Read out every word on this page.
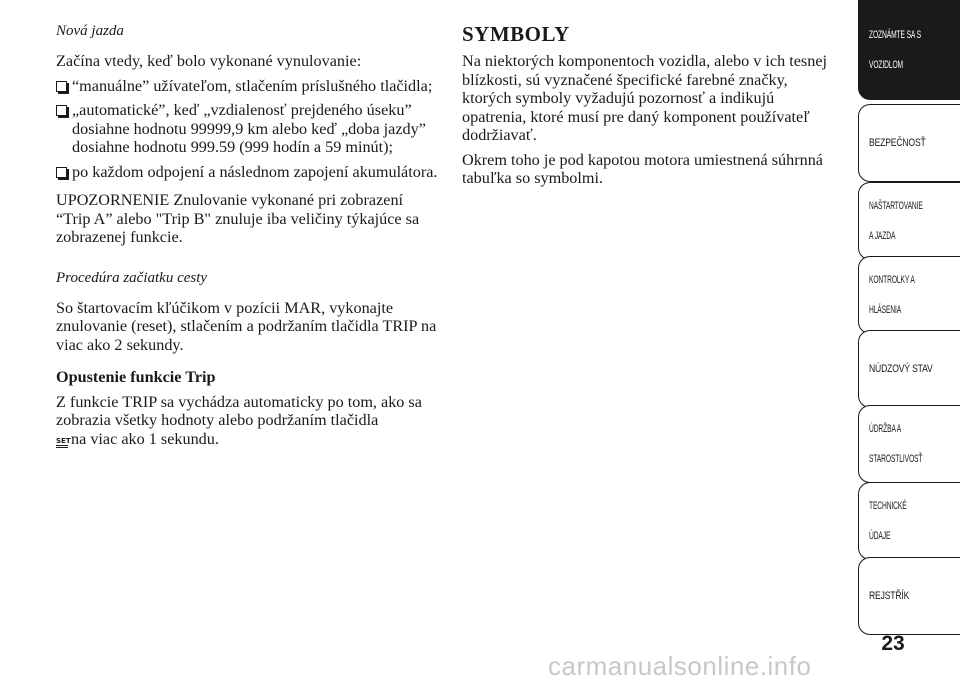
Nová jazda

Začína vtedy, keď bolo vykonané vynulovanie:

“manuálne” užívateľom, stlačením príslušného tlačidla;
„automatické”, keď „vzdialenosť prejdeného úseku” dosiahne hodnotu 99999,9 km alebo keď „doba jazdy” dosiahne hodnotu 999.59 (999 hodín a 59 minút);
po každom odpojení a následnom zapojení akumulátora.

UPOZORNENIE Znulovanie vykonané pri zobrazení “Trip A” alebo "Trip B" znuluje iba veličiny týkajúce sa zobrazenej funkcie.

Procedúra začiatku cesty

So štartovacím kľúčikom v pozícii MAR, vykonajte znulovanie (reset), stlačením a podržaním tlačidla TRIP na viac ako 2 sekundy.

Opustenie funkcie Trip

Z funkcie TRIP sa vychádza automaticky po tom, ako sa zobrazia všetky hodnoty alebo podržaním tlačidla
SET
na viac ako 1 sekundu.

SYMBOLY

Na niektorých komponentoch vozidla, alebo v ich tesnej blízkosti, sú vyznačené špecifické farebné značky, ktorých symboly vyžadujú pozornosť a indikujú opatrenia, ktoré musí pre daný komponent používateľ dodržiavať.

Okrem toho je pod kapotou motora umiestnená súhrnná tabuľka so symbolmi.

ZOZNÁMTE SA S

VOZIDLOM
BEZPEČNOSŤ
NAŠTARTOVANIE

A JAZDA
KONTROLKY A

HLÁSENIA
NÚDZOVÝ STAV
ÚDRŽBA A

STAROSTLIVOSŤ
TECHNICKÉ

ÚDAJE
REJSTŘÍK
23
carmanualsonline.info
